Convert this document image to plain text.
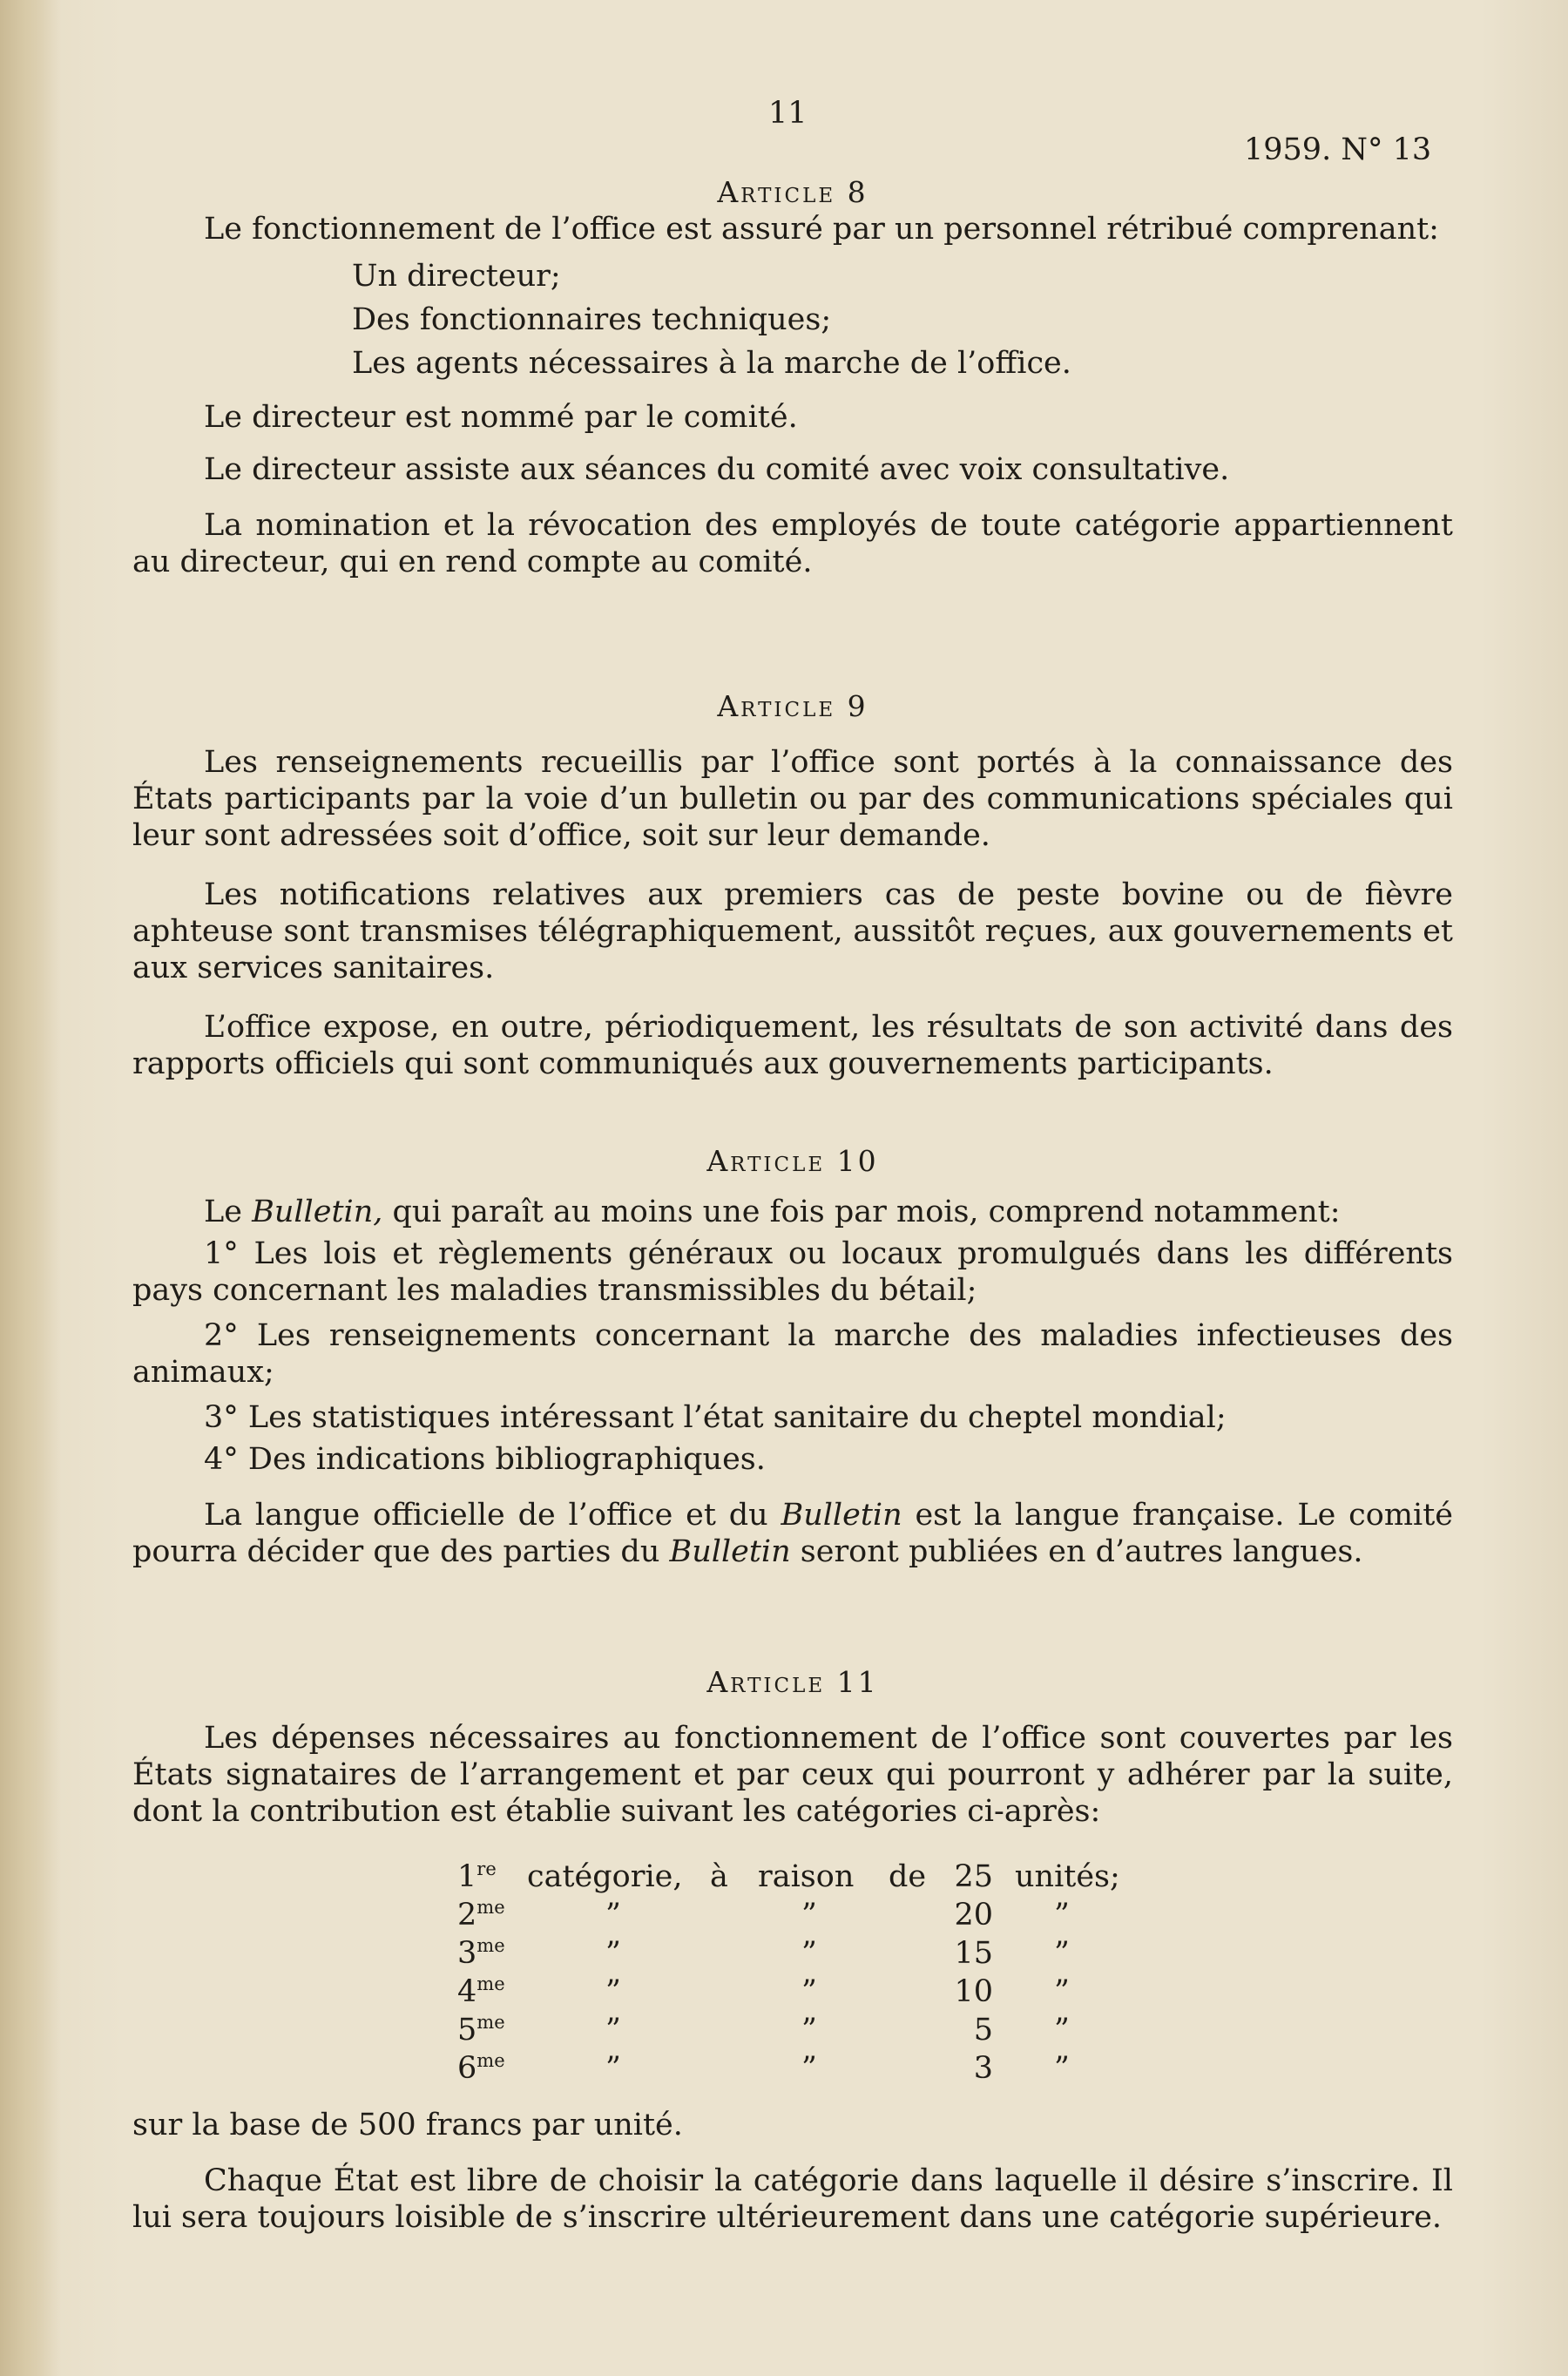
11
1959. N° 13

Article 8

Le fonctionnement de l’office est assuré par un personnel rétribué comprenant:

Un directeur;

Des fonctionnaires techniques;

Les agents nécessaires à la marche de l’office.

Le directeur est nommé par le comité.

Le directeur assiste aux séances du comité avec voix consultative.

La nomination et la révocation des employés de toute catégorie appartiennent au directeur, qui en rend compte au comité.

Article 9

Les renseignements recueillis par l’office sont portés à la connaissance des États participants par la voie d’un bulletin ou par des communications spéciales qui leur sont adressées soit d’office, soit sur leur demande.

Les notifications relatives aux premiers cas de peste bovine ou de fièvre aphteuse sont transmises télégraphiquement, aussitôt reçues, aux gouvernements et aux services sanitaires.

L’office expose, en outre, périodiquement, les résultats de son activité dans des rapports officiels qui sont communiqués aux gouvernements participants.

Article 10

Le Bulletin, qui paraît au moins une fois par mois, comprend notamment:

1° Les lois et règlements généraux ou locaux promulgués dans les différents pays concernant les maladies transmissibles du bétail;

2° Les renseignements concernant la marche des maladies infectieuses des animaux;

3° Les statistiques intéressant l’état sanitaire du cheptel mondial;

4° Des indications bibliographiques.

La langue officielle de l’office et du Bulletin est la langue française. Le comité pourra décider que des parties du Bulletin seront publiées en d’autres langues.

Article 11

Les dépenses nécessaires au fonctionnement de l’office sont couvertes par les États signataires de l’arrangement et par ceux qui pourront y adhérer par la suite, dont la contribution est établie suivant les catégories ci-après:

1re catégorie, à raison de 25 unités;
$2^{me}$	”	”	20 ”
$3^{me}$	”	”	15 ”
$4^{me}$	”	”	10 ”
$5^{me}$	”	”	5 ”
$6^{me}$	”	”	3 ”

sur la base de 500 francs par unité.

Chaque État est libre de choisir la catégorie dans laquelle il désire s’inscrire. Il lui sera toujours loisible de s’inscrire ultérieurement dans une catégorie supérieure.
